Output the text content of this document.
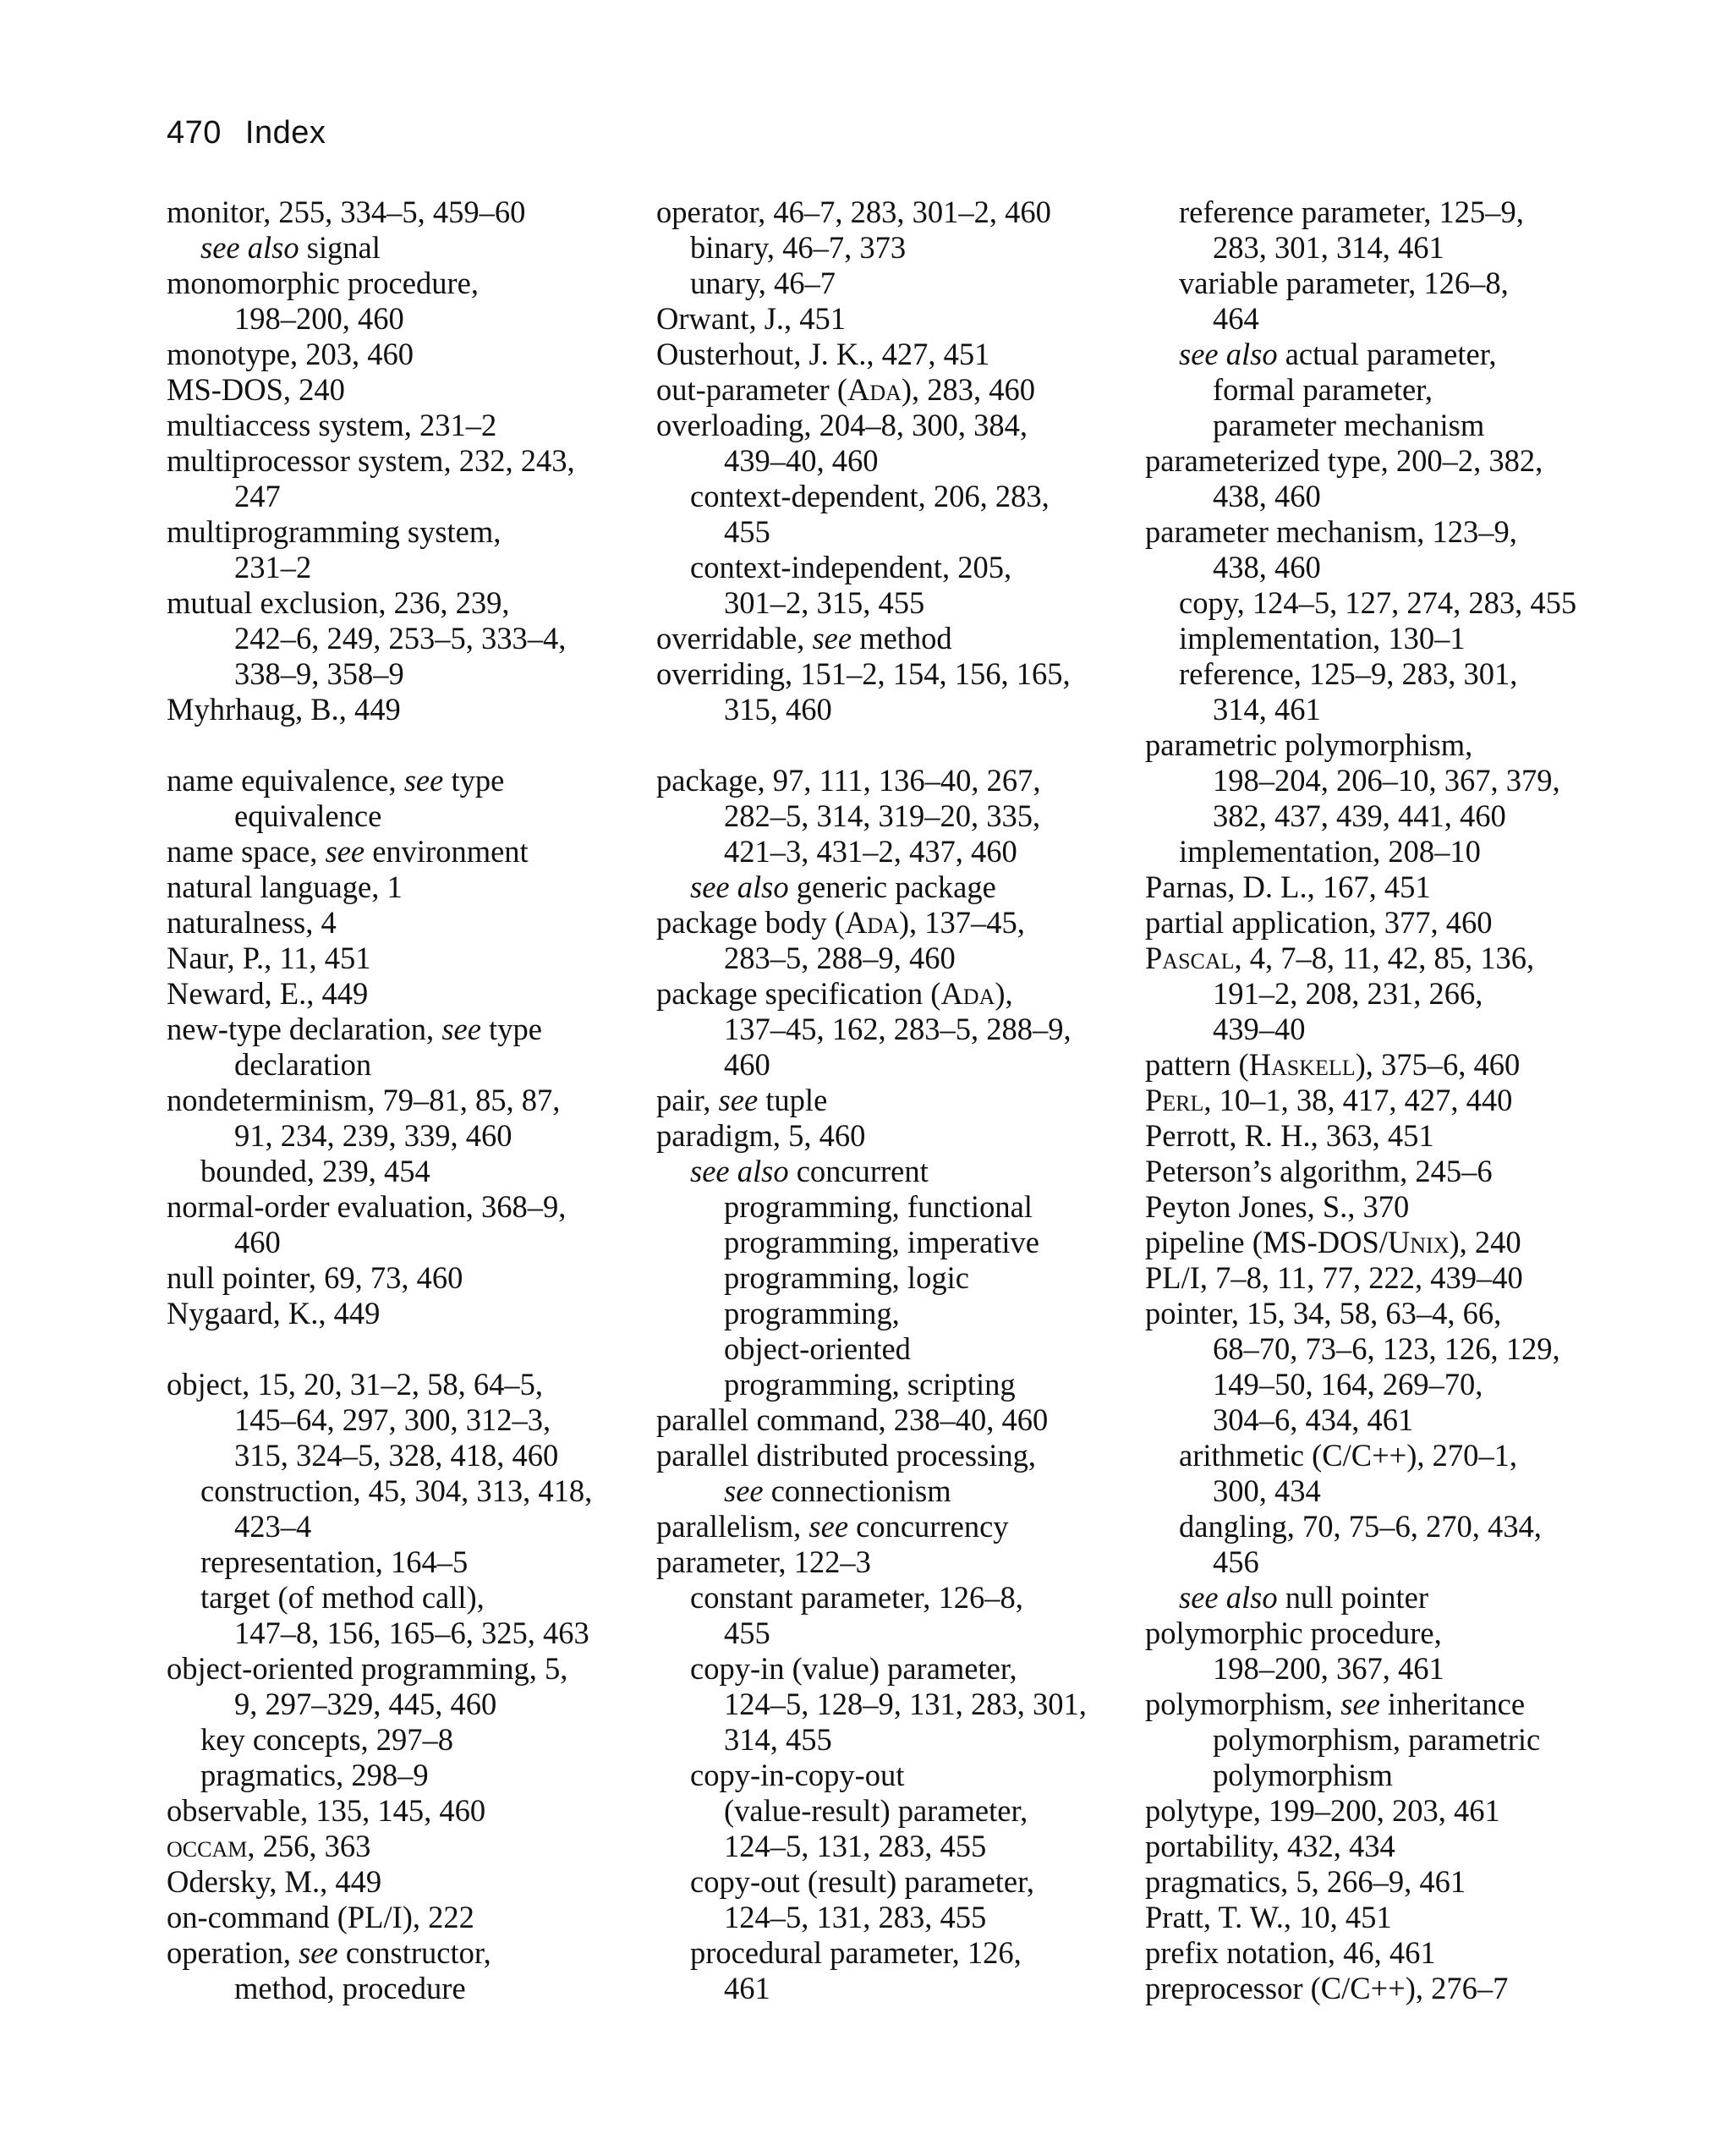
470 Index
monitor, 255, 334–5, 459–60
see also signal
monomorphic procedure,
198–200, 460
monotype, 203, 460
MS-DOS, 240
multiaccess system, 231–2
multiprocessor system, 232, 243,
247
multiprogramming system,
231–2
mutual exclusion, 236, 239,
242–6, 249, 253–5, 333–4,
338–9, 358–9
Myhrhaug, B., 449
name equivalence, see type
equivalence
name space, see environment
natural language, 1
naturalness, 4
Naur, P., 11, 451
Neward, E., 449
new-type declaration, see type
declaration
nondeterminism, 79–81, 85, 87,
91, 234, 239, 339, 460
bounded, 239, 454
normal-order evaluation, 368–9,
460
null pointer, 69, 73, 460
Nygaard, K., 449
object, 15, 20, 31–2, 58, 64–5,
145–64, 297, 300, 312–3,
315, 324–5, 328, 418, 460
construction, 45, 304, 313, 418,
423–4
representation, 164–5
target (of method call),
147–8, 156, 165–6, 325, 463
object-oriented programming, 5,
9, 297–329, 445, 460
key concepts, 297–8
pragmatics, 298–9
observable, 135, 145, 460
occam, 256, 363
Odersky, M., 449
on-command (PL/I), 222
operation, see constructor,
method, procedure
operator, 46–7, 283, 301–2, 460
binary, 46–7, 373
unary, 46–7
Orwant, J., 451
Ousterhout, J. K., 427, 451
out-parameter (Ada), 283, 460
overloading, 204–8, 300, 384,
439–40, 460
context-dependent, 206, 283,
455
context-independent, 205,
301–2, 315, 455
overridable, see method
overriding, 151–2, 154, 156, 165,
315, 460
package, 97, 111, 136–40, 267,
282–5, 314, 319–20, 335,
421–3, 431–2, 437, 460
see also generic package
package body (Ada), 137–45,
283–5, 288–9, 460
package specification (Ada),
137–45, 162, 283–5, 288–9,
460
pair, see tuple
paradigm, 5, 460
see also concurrent
programming, functional
programming, imperative
programming, logic
programming,
object-oriented
programming, scripting
parallel command, 238–40, 460
parallel distributed processing,
see connectionism
parallelism, see concurrency
parameter, 122–3
constant parameter, 126–8,
455
copy-in (value) parameter,
124–5, 128–9, 131, 283, 301,
314, 455
copy-in-copy-out
(value-result) parameter,
124–5, 131, 283, 455
copy-out (result) parameter,
124–5, 131, 283, 455
procedural parameter, 126,
461
reference parameter, 125–9,
283, 301, 314, 461
variable parameter, 126–8,
464
see also actual parameter,
formal parameter,
parameter mechanism
parameterized type, 200–2, 382,
438, 460
parameter mechanism, 123–9,
438, 460
copy, 124–5, 127, 274, 283, 455
implementation, 130–1
reference, 125–9, 283, 301,
314, 461
parametric polymorphism,
198–204, 206–10, 367, 379,
382, 437, 439, 441, 460
implementation, 208–10
Parnas, D. L., 167, 451
partial application, 377, 460
Pascal, 4, 7–8, 11, 42, 85, 136,
191–2, 208, 231, 266,
439–40
pattern (Haskell), 375–6, 460
Perl, 10–1, 38, 417, 427, 440
Perrott, R. H., 363, 451
Peterson’s algorithm, 245–6
Peyton Jones, S., 370
pipeline (MS-DOS/Unix), 240
PL/I, 7–8, 11, 77, 222, 439–40
pointer, 15, 34, 58, 63–4, 66,
68–70, 73–6, 123, 126, 129,
149–50, 164, 269–70,
304–6, 434, 461
arithmetic (C/C++), 270–1,
300, 434
dangling, 70, 75–6, 270, 434,
456
see also null pointer
polymorphic procedure,
198–200, 367, 461
polymorphism, see inheritance
polymorphism, parametric
polymorphism
polytype, 199–200, 203, 461
portability, 432, 434
pragmatics, 5, 266–9, 461
Pratt, T. W., 10, 451
prefix notation, 46, 461
preprocessor (C/C++), 276–7
